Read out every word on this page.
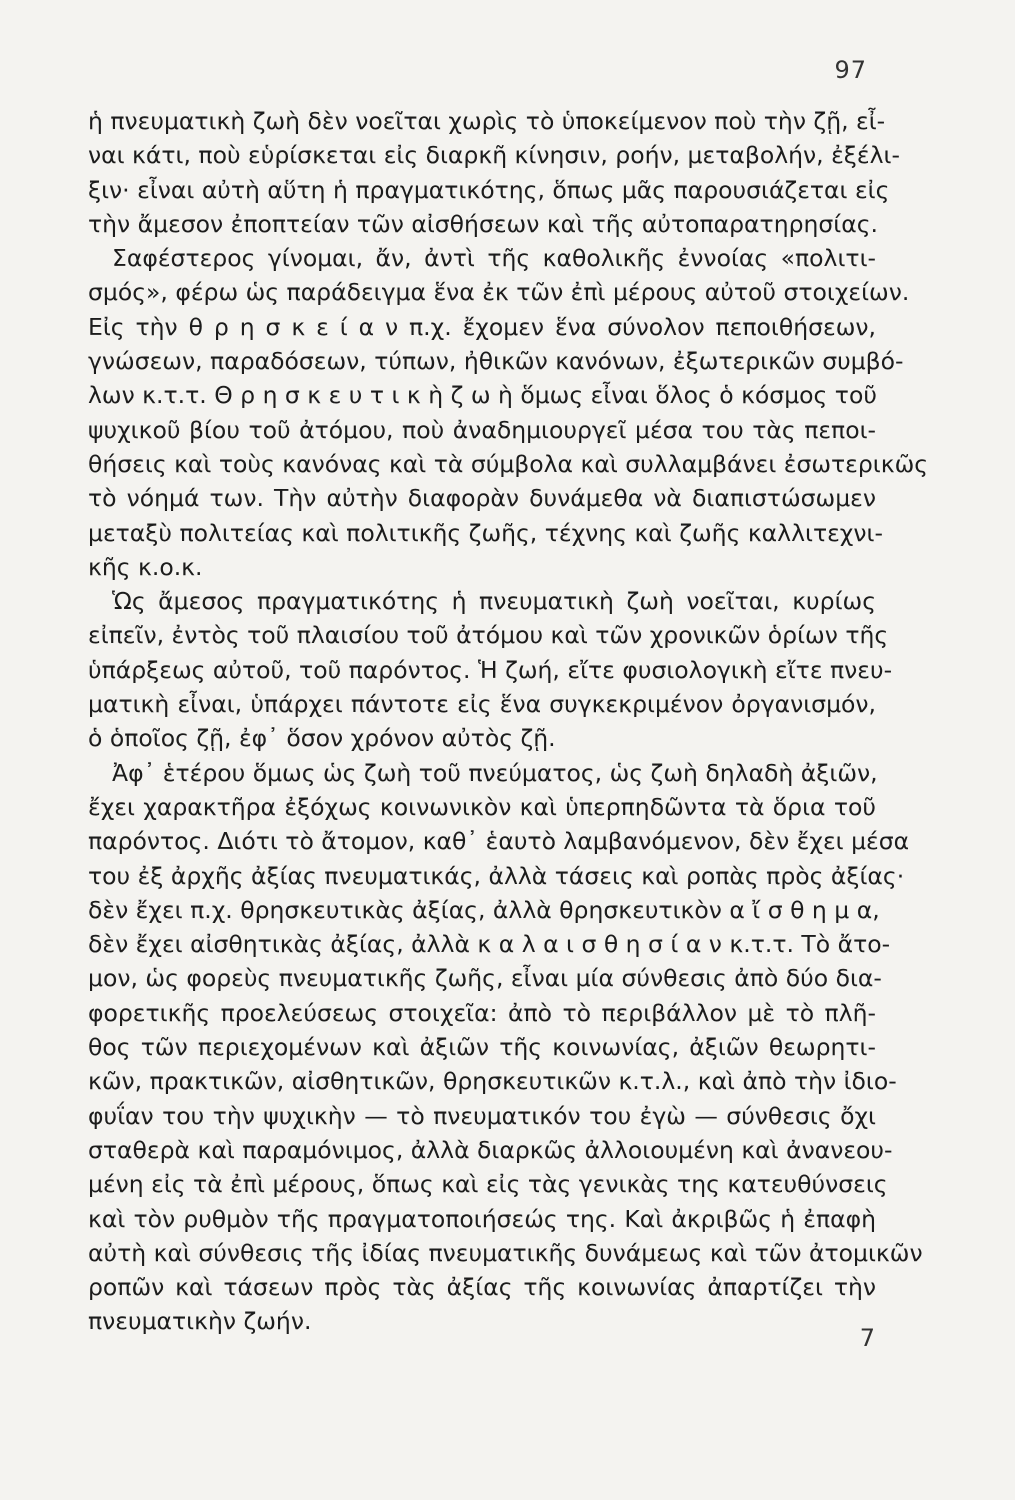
97
ἡ πνευματικὴ ζωὴ δὲν νοεῖται χωρὶς τὸ ὑποκείμενον ποὺ τὴν ζῇ, εἶ-
ναι κάτι, ποὺ εὑρίσκεται εἰς διαρκῆ κίνησιν, ροήν, μεταβολήν, ἐξέλι-
ξιν· εἶναι αὐτὴ αὕτη ἡ πραγματικότης, ὅπως μᾶς παρουσιάζεται εἰς
τὴν ἄμεσον ἐποπτείαν τῶν αἰσθήσεων καὶ τῆς αὐτοπαρατηρησίας.
Σαφέστερος γίνομαι, ἄν, ἀντὶ τῆς καθολικῆς ἐννοίας «πολιτι-
σμός», φέρω ὡς παράδειγμα ἕνα ἐκ τῶν ἐπὶ μέρους αὐτοῦ στοιχείων.
Εἰς τὴν θ ρ η σ κ ε ί α ν π.χ. ἔχομεν ἕνα σύνολον πεποιθήσεων,
γνώσεων, παραδόσεων, τύπων, ἠθικῶν κανόνων, ἐξωτερικῶν συμβό-
λων κ.τ.τ. Θ ρ η σ κ ε υ τ ι κ ὴ ζ ω ὴ ὅμως εἶναι ὅλος ὁ κόσμος τοῦ
ψυχικοῦ βίου τοῦ ἀτόμου, ποὺ ἀναδημιουργεῖ μέσα του τὰς πεποι-
θήσεις καὶ τοὺς κανόνας καὶ τὰ σύμβολα καὶ συλλαμβάνει ἐσωτερικῶς
τὸ νόημά των. Τὴν αὐτὴν διαφορὰν δυνάμεθα νὰ διαπιστώσωμεν
μεταξὺ πολιτείας καὶ πολιτικῆς ζωῆς, τέχνης καὶ ζωῆς καλλιτεχνι-
κῆς κ.ο.κ.
Ὡς ἄμεσος πραγματικότης ἡ πνευματικὴ ζωὴ νοεῖται, κυρίως
εἰπεῖν, ἐντὸς τοῦ πλαισίου τοῦ ἀτόμου καὶ τῶν χρονικῶν ὁρίων τῆς
ὑπάρξεως αὐτοῦ, τοῦ παρόντος. Ἡ ζωή, εἴτε φυσιολογικὴ εἴτε πνευ-
ματικὴ εἶναι, ὑπάρχει πάντοτε εἰς ἕνα συγκεκριμένον ὀργανισμόν,
ὁ ὁποῖος ζῇ, ἐφ᾽ ὅσον χρόνον αὐτὸς ζῇ.
Ἀφ᾽ ἑτέρου ὅμως ὡς ζωὴ τοῦ πνεύματος, ὡς ζωὴ δηλαδὴ ἀξιῶν,
ἔχει χαρακτῆρα ἐξόχως κοινωνικὸν καὶ ὑπερπηδῶντα τὰ ὅρια τοῦ
παρόντος. Διότι τὸ ἄτομον, καθ᾽ ἑαυτὸ λαμβανόμενον, δὲν ἔχει μέσα
του ἐξ ἀρχῆς ἀξίας πνευματικάς, ἀλλὰ τάσεις καὶ ροπὰς πρὸς ἀξίας·
δὲν ἔχει π.χ. θρησκευτικὰς ἀξίας, ἀλλὰ θρησκευτικὸν α ἴ σ θ η μ α,
δὲν ἔχει αἰσθητικὰς ἀξίας, ἀλλὰ κ α λ α ι σ θ η σ ί α ν κ.τ.τ. Τὸ ἄτο-
μον, ὡς φορεὺς πνευματικῆς ζωῆς, εἶναι μία σύνθεσις ἀπὸ δύο δια-
φορετικῆς προελεύσεως στοιχεῖα: ἀπὸ τὸ περιβάλλον μὲ τὸ πλῆ-
θος τῶν περιεχομένων καὶ ἀξιῶν τῆς κοινωνίας, ἀξιῶν θεωρητι-
κῶν, πρακτικῶν, αἰσθητικῶν, θρησκευτικῶν κ.τ.λ., καὶ ἀπὸ τὴν ἰδιο-
φυΐαν του τὴν ψυχικὴν — τὸ πνευματικόν του ἐγὼ — σύνθεσις ὄχι
σταθερὰ καὶ παραμόνιμος, ἀλλὰ διαρκῶς ἀλλοιουμένη καὶ ἀνανεου-
μένη εἰς τὰ ἐπὶ μέρους, ὅπως καὶ εἰς τὰς γενικὰς της κατευθύνσεις
καὶ τὸν ρυθμὸν τῆς πραγματοποιήσεώς της. Καὶ ἀκριβῶς ἡ ἐπαφὴ
αὐτὴ καὶ σύνθεσις τῆς ἰδίας πνευματικῆς δυνάμεως καὶ τῶν ἀτομικῶν
ροπῶν καὶ τάσεων πρὸς τὰς ἀξίας τῆς κοινωνίας ἀπαρτίζει τὴν
πνευματικὴν ζωήν.
7
